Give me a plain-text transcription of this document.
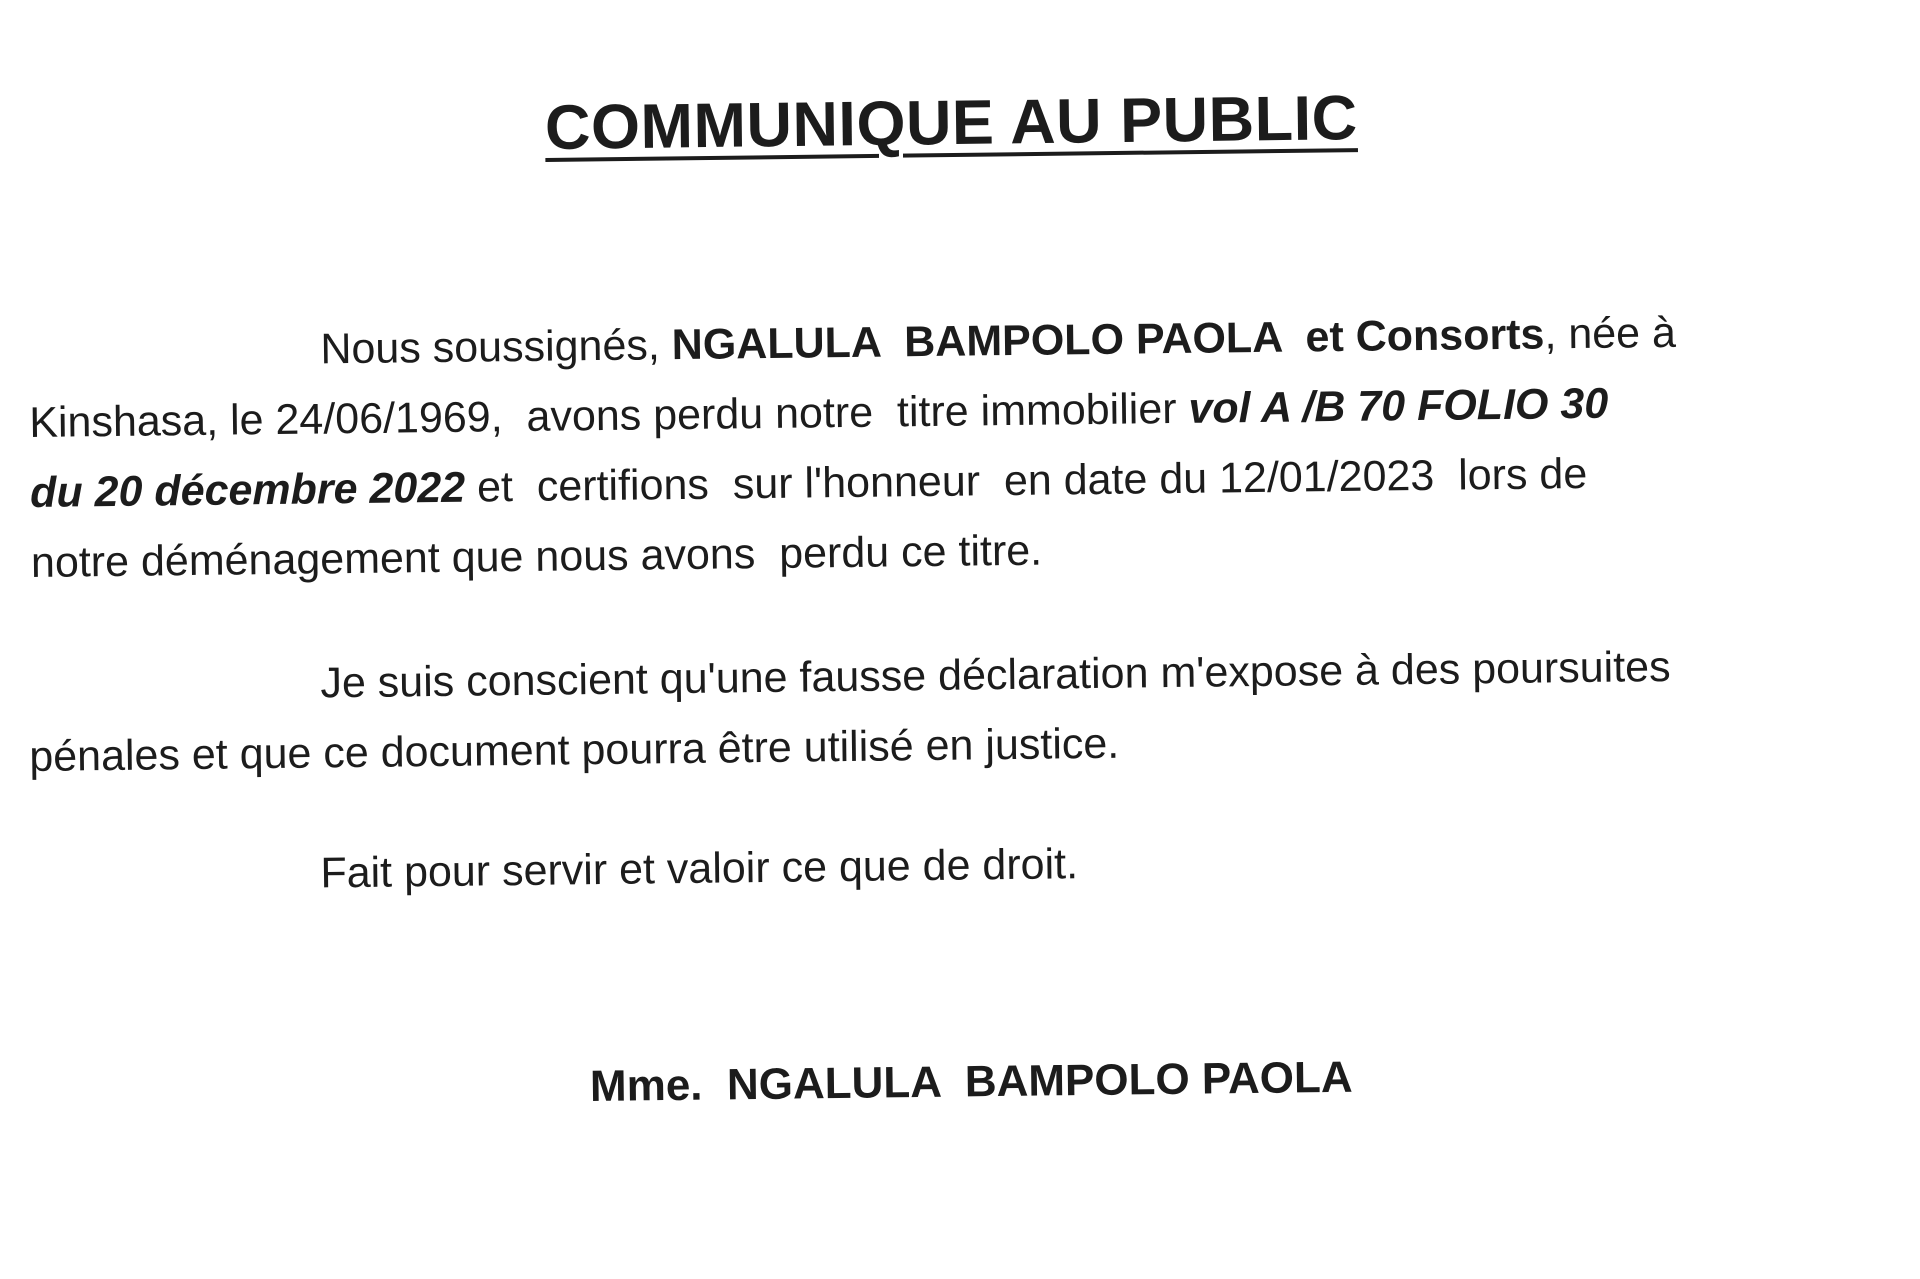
COMMUNIQUE AU PUBLIC
Nous soussignés, NGALULA  BAMPOLO PAOLA  et Consorts, née à
Kinshasa, le 24/06/1969,  avons perdu notre  titre immobilier vol A /B 70 FOLIO 30
du 20 décembre 2022 et  certifions  sur l'honneur  en date du 12/01/2023  lors de
notre déménagement que nous avons  perdu ce titre.
Je suis conscient qu'une fausse déclaration m'expose à des poursuites
pénales et que ce document pourra être utilisé en justice.
Fait pour servir et valoir ce que de droit.
Mme.  NGALULA  BAMPOLO PAOLA
